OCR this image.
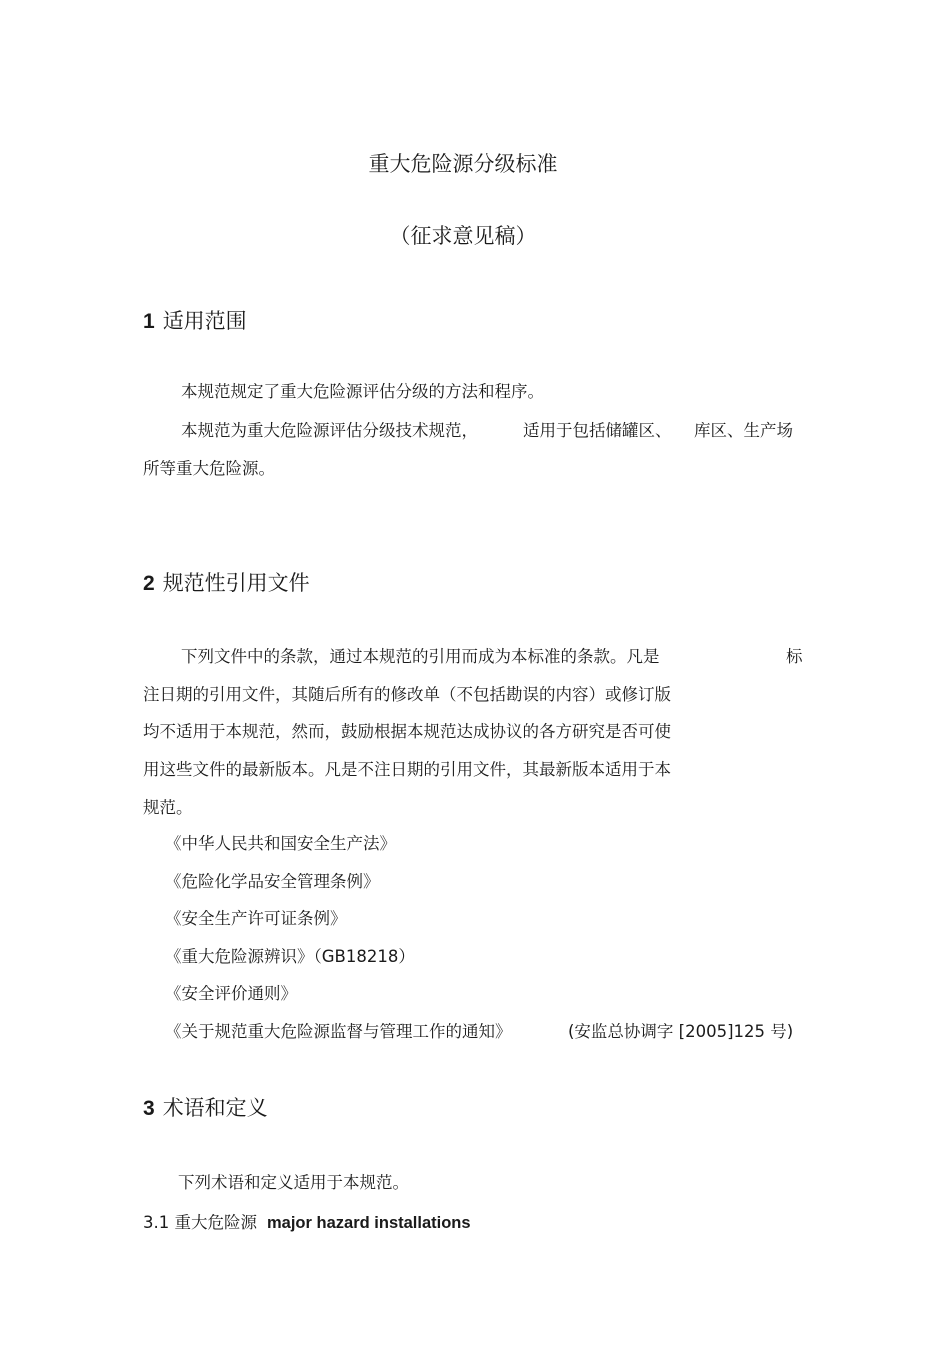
重大危险源分级标准
（征求意见稿）
1 适用范围
本规范规定了重大危险源评估分级的方法和程序。
本规范为重大危险源评估分级技术规范，	适用于包括储罐区、 库区、生产场
所等重大危险源。
2 规范性引用文件
下列文件中的条款，通过本规范的引用而成为本标准的条款。凡是	标
注日期的引用文件，其随后所有的修改单（不包括勘误的内容）或修订版
均不适用于本规范，然而，鼓励根据本规范达成协议的各方研究是否可使
用这些文件的最新版本。凡是不注日期的引用文件，其最新版本适用于本
规范。
《中华人民共和国安全生产法》
《危险化学品安全管理条例》
《安全生产许可证条例》
《重大危险源辨识》（GB18218）
《安全评价通则》
《关于规范重大危险源监督与管理工作的通知》	(安监总协调字 [2005]125 号)
3 术语和定义
下列术语和定义适用于本规范。
3.1 重大危险源 major hazard installations
